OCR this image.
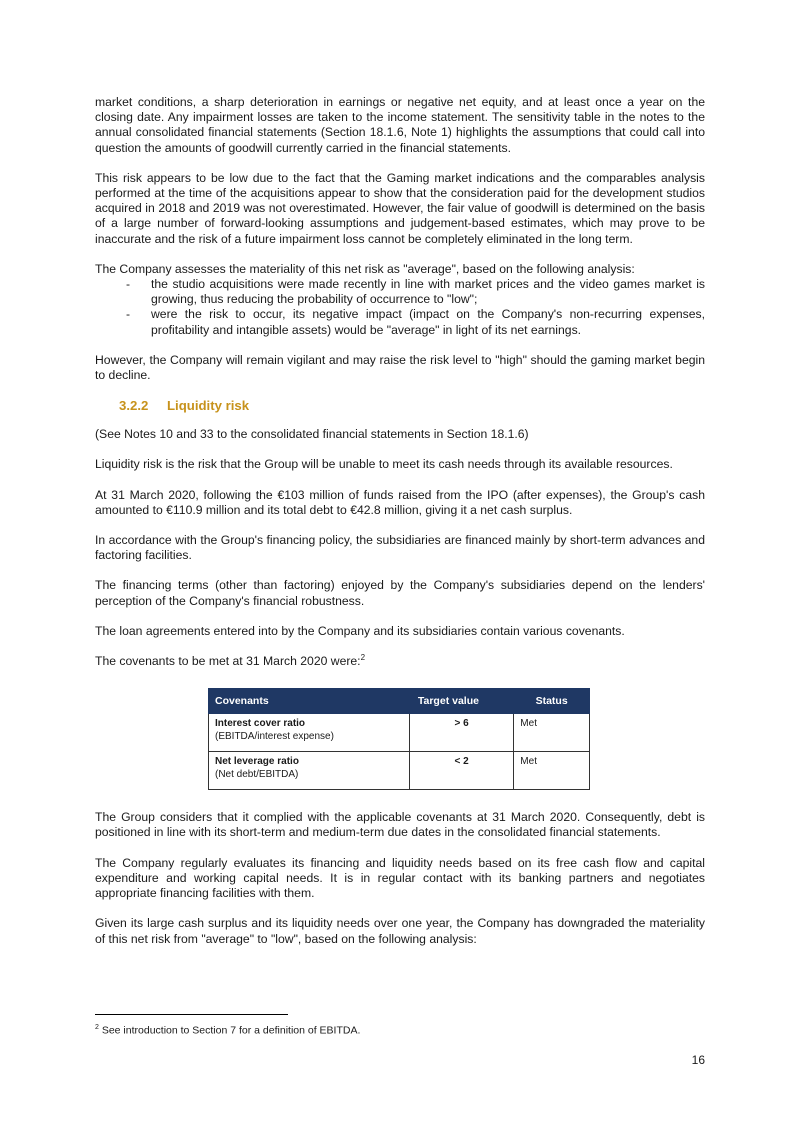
market conditions, a sharp deterioration in earnings or negative net equity, and at least once a year on the closing date. Any impairment losses are taken to the income statement. The sensitivity table in the notes to the annual consolidated financial statements (Section 18.1.6, Note 1) highlights the assumptions that could call into question the amounts of goodwill currently carried in the financial statements.

This risk appears to be low due to the fact that the Gaming market indications and the comparables analysis performed at the time of the acquisitions appear to show that the consideration paid for the development studios acquired in 2018 and 2019 was not overestimated. However, the fair value of goodwill is determined on the basis of a large number of forward-looking assumptions and judgement-based estimates, which may prove to be inaccurate and the risk of a future impairment loss cannot be completely eliminated in the long term.

The Company assesses the materiality of this net risk as "average", based on the following analysis:

- the studio acquisitions were made recently in line with market prices and the video games market is growing, thus reducing the probability of occurrence to "low";
- were the risk to occur, its negative impact (impact on the Company's non-recurring expenses, profitability and intangible assets) would be "average" in light of its net earnings.

However, the Company will remain vigilant and may raise the risk level to "high" should the gaming market begin to decline.

3.2.2 Liquidity risk

(See Notes 10 and 33 to the consolidated financial statements in Section 18.1.6)

Liquidity risk is the risk that the Group will be unable to meet its cash needs through its available resources.

At 31 March 2020, following the €103 million of funds raised from the IPO (after expenses), the Group's cash amounted to €110.9 million and its total debt to €42.8 million, giving it a net cash surplus.

In accordance with the Group's financing policy, the subsidiaries are financed mainly by short-term advances and factoring facilities.

The financing terms (other than factoring) enjoyed by the Company's subsidiaries depend on the lenders' perception of the Company's financial robustness.

The loan agreements entered into by the Company and its subsidiaries contain various covenants.

The covenants to be met at 31 March 2020 were:$^2$

Covenants	Target value	Status
Interest cover ratio
(EBITDA/interest expense)	> 6	Met
Net leverage ratio
(Net debt/EBITDA)	< 2	Met

The Group considers that it complied with the applicable covenants at 31 March 2020. Consequently, debt is positioned in line with its short-term and medium-term due dates in the consolidated financial statements.

The Company regularly evaluates its financing and liquidity needs based on its free cash flow and capital expenditure and working capital needs. It is in regular contact with its banking partners and negotiates appropriate financing facilities with them.

Given its large cash surplus and its liquidity needs over one year, the Company has downgraded the materiality of this net risk from "average" to "low", based on the following analysis:

$^2$ See introduction to Section 7 for a definition of EBITDA.
16
